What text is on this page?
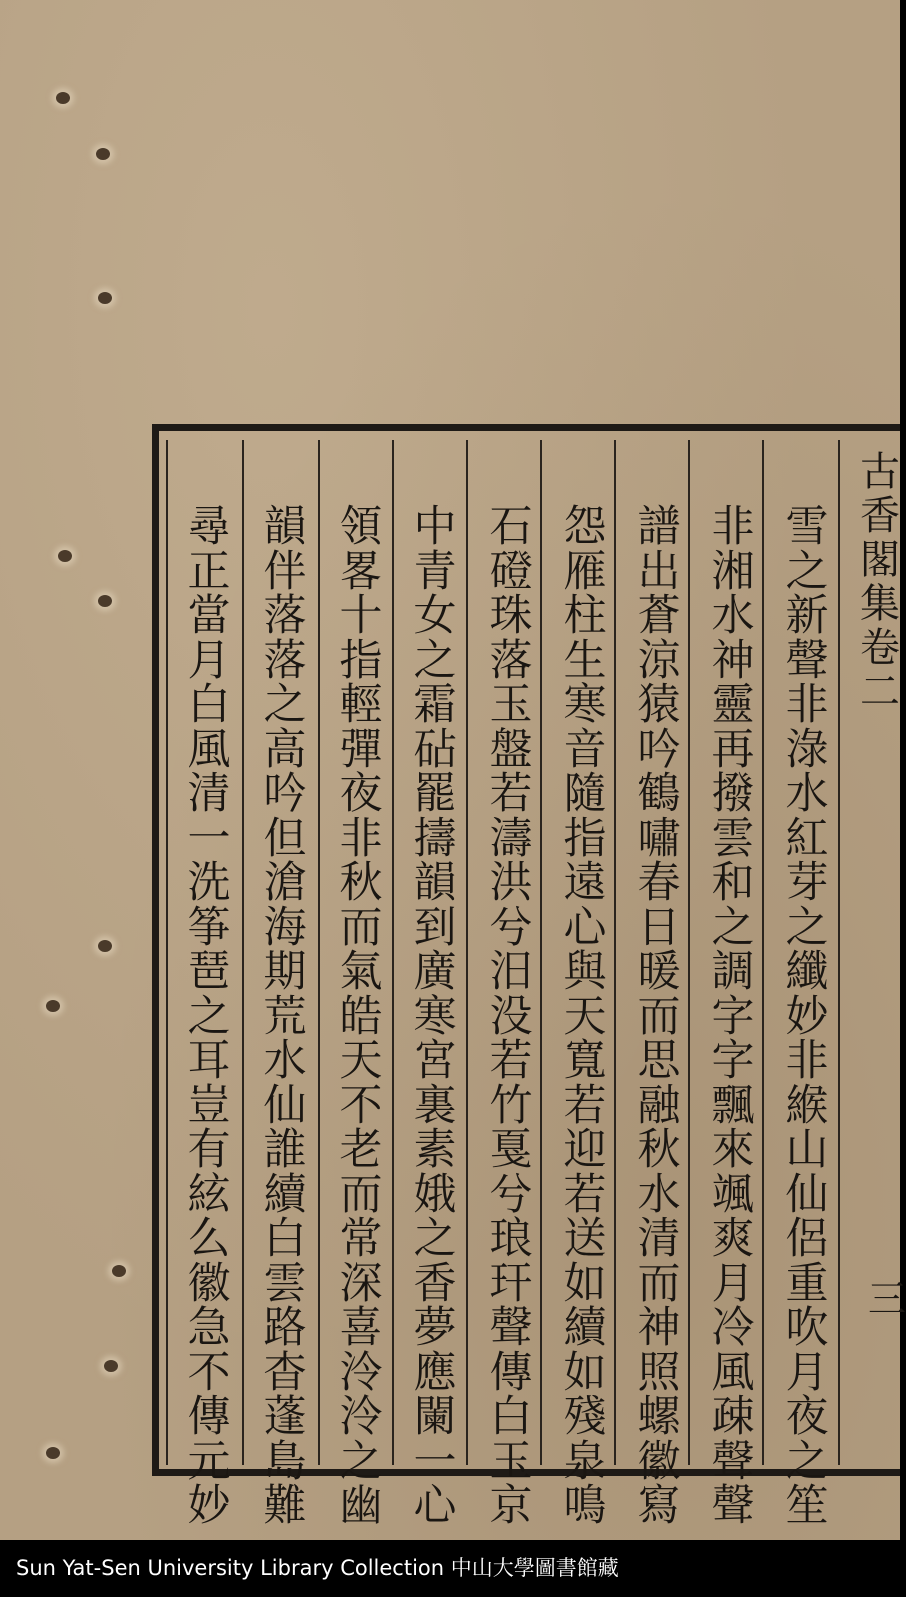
古
香
閣
集
卷
二
三
雪
之
新
聲
非
淥
水
紅
芽
之
纖
妙
非
緱
山
仙
侶
重
吹
月
夜
之
笙
非
湘
水
神
靈
再
撥
雲
和
之
調
字
字
飄
來
颯
爽
月
冷
風
疎
聲
聲
譜
出
蒼
涼
猿
吟
鶴
嘯
春
日
暖
而
思
融
秋
水
清
而
神
照
螺
徽
寫
怨
雁
柱
生
寒
音
隨
指
遠
心
與
天
寬
若
迎
若
送
如
續
如
殘
泉
鳴
石
磴
珠
落
玉
盤
若
濤
洪
兮
汨
没
若
竹
戛
兮
琅
玕
聲
傳
白
玉
京
中
青
女
之
霜
砧
罷
擣
韻
到
廣
寒
宮
裏
素
娥
之
香
夢
應
闌
一
心
領
畧
十
指
輕
彈
夜
非
秋
而
氣
皓
天
不
老
而
常
深
喜
泠
泠
之
幽
韻
伴
落
落
之
高
吟
但
滄
海
期
荒
水
仙
誰
續
白
雲
路
杳
蓬
島
難
尋
正
當
月
白
風
清
一
洗
筝
琶
之
耳
豈
有
絃
么
徽
急
不
傳
元
妙
Sun Yat-Sen University Library Collection 中山大學圖書館藏
